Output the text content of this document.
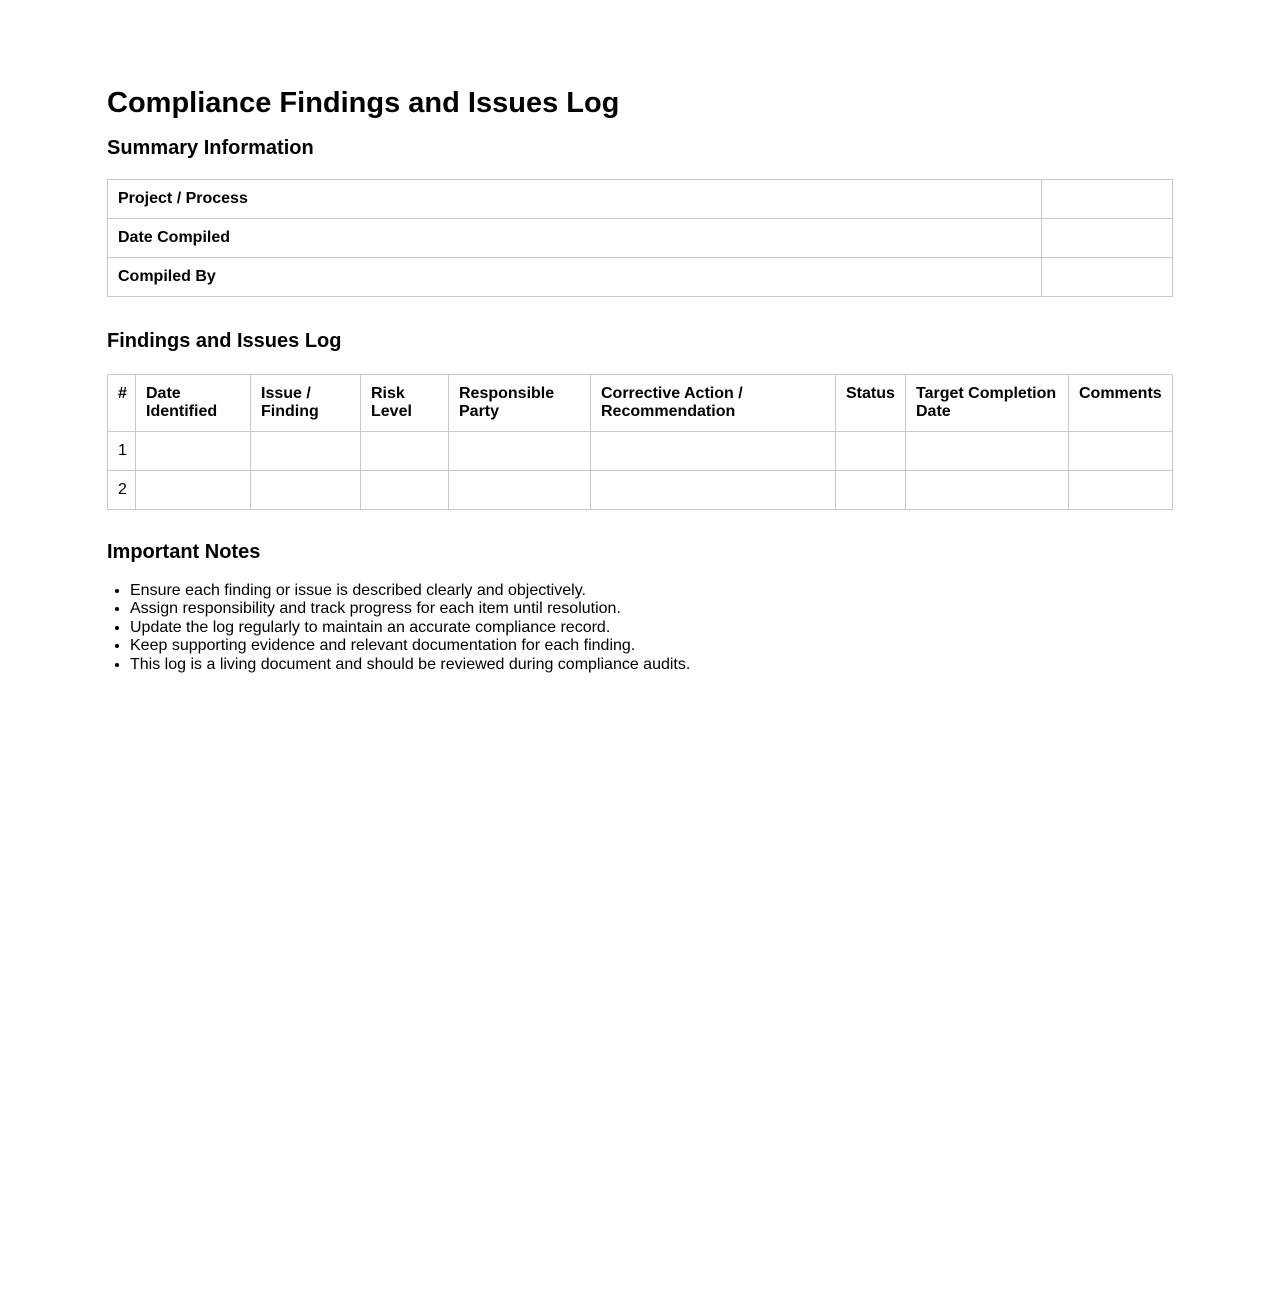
Compliance Findings and Issues Log
Summary Information
Project / Process	
Date Compiled	
Compiled By	
Findings and Issues Log
#	Date Identified	Issue / Finding	Risk Level	Responsible Party	Corrective Action / Recommendation	Status	Target Completion Date	Comments
1								
2								
Important Notes
• Ensure each finding or issue is described clearly and objectively.
• Assign responsibility and track progress for each item until resolution.
• Update the log regularly to maintain an accurate compliance record.
• Keep supporting evidence and relevant documentation for each finding.
• This log is a living document and should be reviewed during compliance audits.
